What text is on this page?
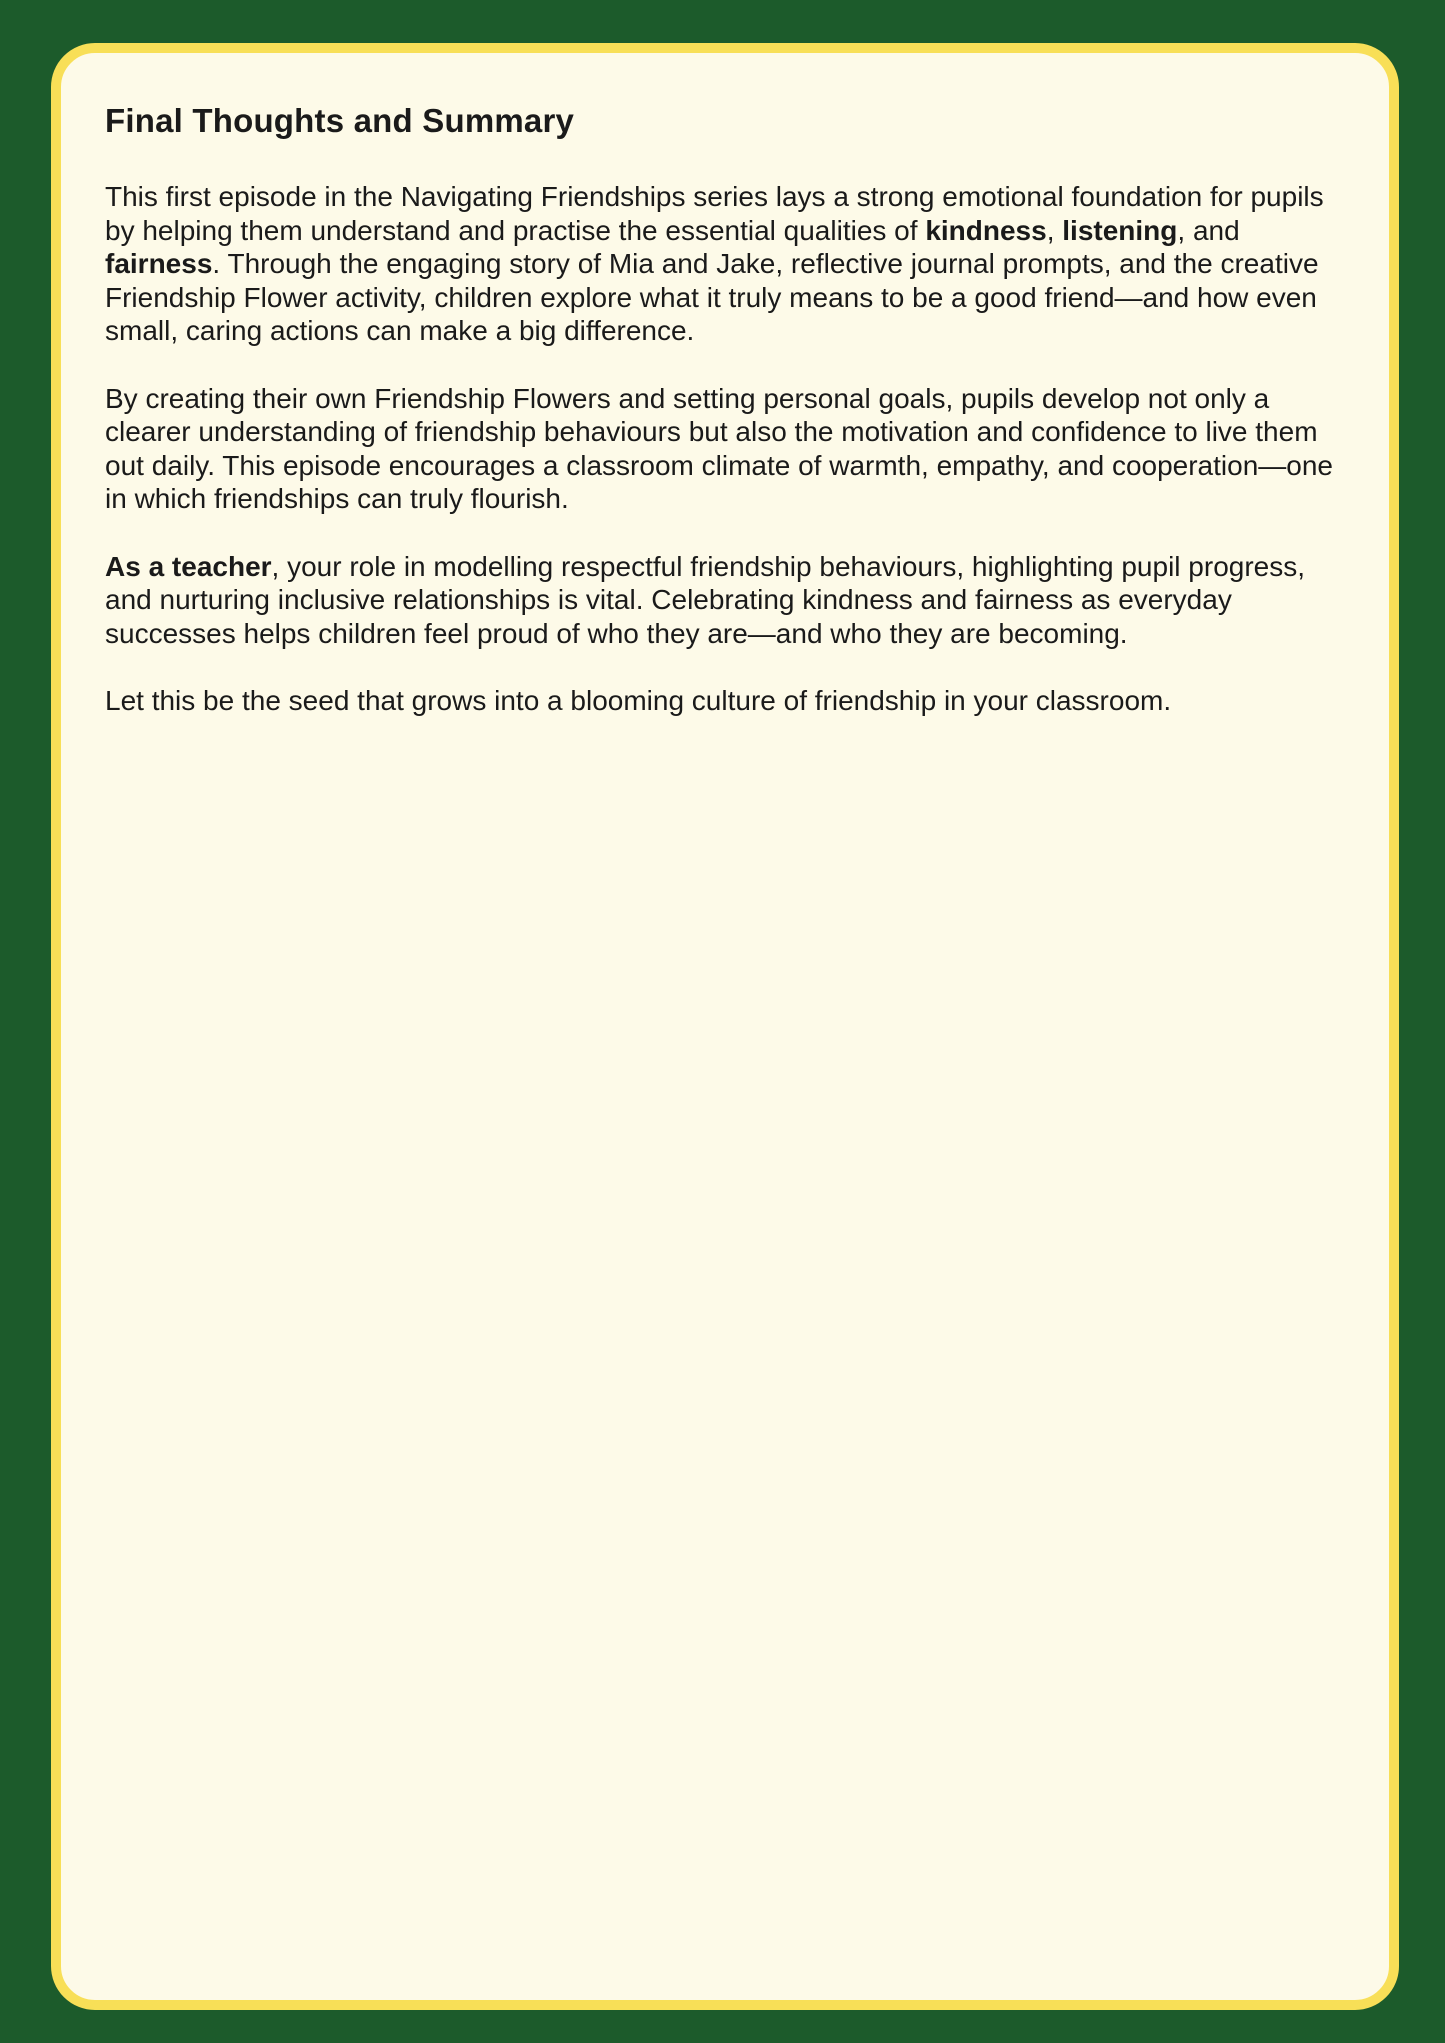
Final Thoughts and Summary

This first episode in the Navigating Friendships series lays a strong emotional foundation for pupils by helping them understand and practise the essential qualities of kindness, listening, and fairness. Through the engaging story of Mia and Jake, reflective journal prompts, and the creative Friendship Flower activity, children explore what it truly means to be a good friend—and how even small, caring actions can make a big difference.

By creating their own Friendship Flowers and setting personal goals, pupils develop not only a clearer understanding of friendship behaviours but also the motivation and confidence to live them out daily. This episode encourages a classroom climate of warmth, empathy, and cooperation—one in which friendships can truly flourish.

As a teacher, your role in modelling respectful friendship behaviours, highlighting pupil progress, and nurturing inclusive relationships is vital. Celebrating kindness and fairness as everyday successes helps children feel proud of who they are—and who they are becoming.

Let this be the seed that grows into a blooming culture of friendship in your classroom.
